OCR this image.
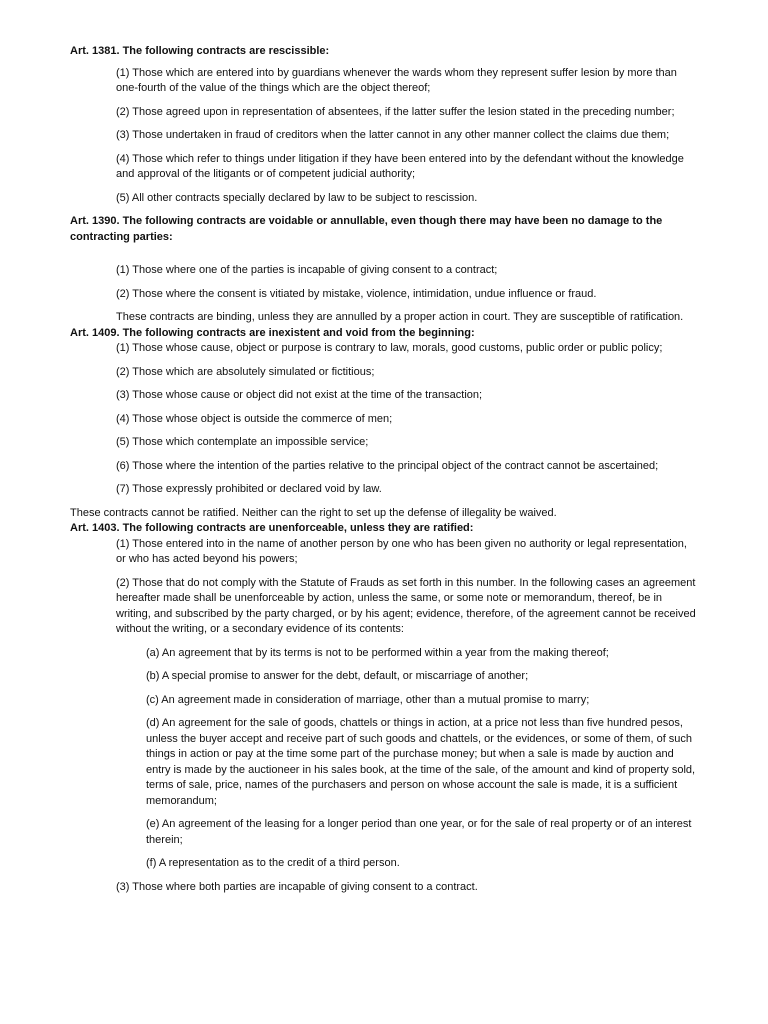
Art. 1381. The following contracts are rescissible:

(1) Those which are entered into by guardians whenever the wards whom they represent suffer lesion by more than one-fourth of the value of the things which are the object thereof;

(2) Those agreed upon in representation of absentees, if the latter suffer the lesion stated in the preceding number;

(3) Those undertaken in fraud of creditors when the latter cannot in any other manner collect the claims due them;

(4) Those which refer to things under litigation if they have been entered into by the defendant without the knowledge and approval of the litigants or of competent judicial authority;

(5) All other contracts specially declared by law to be subject to rescission.

Art. 1390. The following contracts are voidable or annullable, even though there may have been no damage to the contracting parties:

(1) Those where one of the parties is incapable of giving consent to a contract;

(2) Those where the consent is vitiated by mistake, violence, intimidation, undue influence or fraud.

These contracts are binding, unless they are annulled by a proper action in court. They are susceptible of ratification.

Art. 1409. The following contracts are inexistent and void from the beginning:

(1) Those whose cause, object or purpose is contrary to law, morals, good customs, public order or public policy;

(2) Those which are absolutely simulated or fictitious;

(3) Those whose cause or object did not exist at the time of the transaction;

(4) Those whose object is outside the commerce of men;

(5) Those which contemplate an impossible service;

(6) Those where the intention of the parties relative to the principal object of the contract cannot be ascertained;

(7) Those expressly prohibited or declared void by law.

These contracts cannot be ratified. Neither can the right to set up the defense of illegality be waived.

Art. 1403. The following contracts are unenforceable, unless they are ratified:

(1) Those entered into in the name of another person by one who has been given no authority or legal representation, or who has acted beyond his powers;

(2) Those that do not comply with the Statute of Frauds as set forth in this number. In the following cases an agreement hereafter made shall be unenforceable by action, unless the same, or some note or memorandum, thereof, be in writing, and subscribed by the party charged, or by his agent; evidence, therefore, of the agreement cannot be received without the writing, or a secondary evidence of its contents:

(a) An agreement that by its terms is not to be performed within a year from the making thereof;

(b) A special promise to answer for the debt, default, or miscarriage of another;

(c) An agreement made in consideration of marriage, other than a mutual promise to marry;

(d) An agreement for the sale of goods, chattels or things in action, at a price not less than five hundred pesos, unless the buyer accept and receive part of such goods and chattels, or the evidences, or some of them, of such things in action or pay at the time some part of the purchase money; but when a sale is made by auction and entry is made by the auctioneer in his sales book, at the time of the sale, of the amount and kind of property sold, terms of sale, price, names of the purchasers and person on whose account the sale is made, it is a sufficient memorandum;

(e) An agreement of the leasing for a longer period than one year, or for the sale of real property or of an interest therein;

(f) A representation as to the credit of a third person.

(3) Those where both parties are incapable of giving consent to a contract.
